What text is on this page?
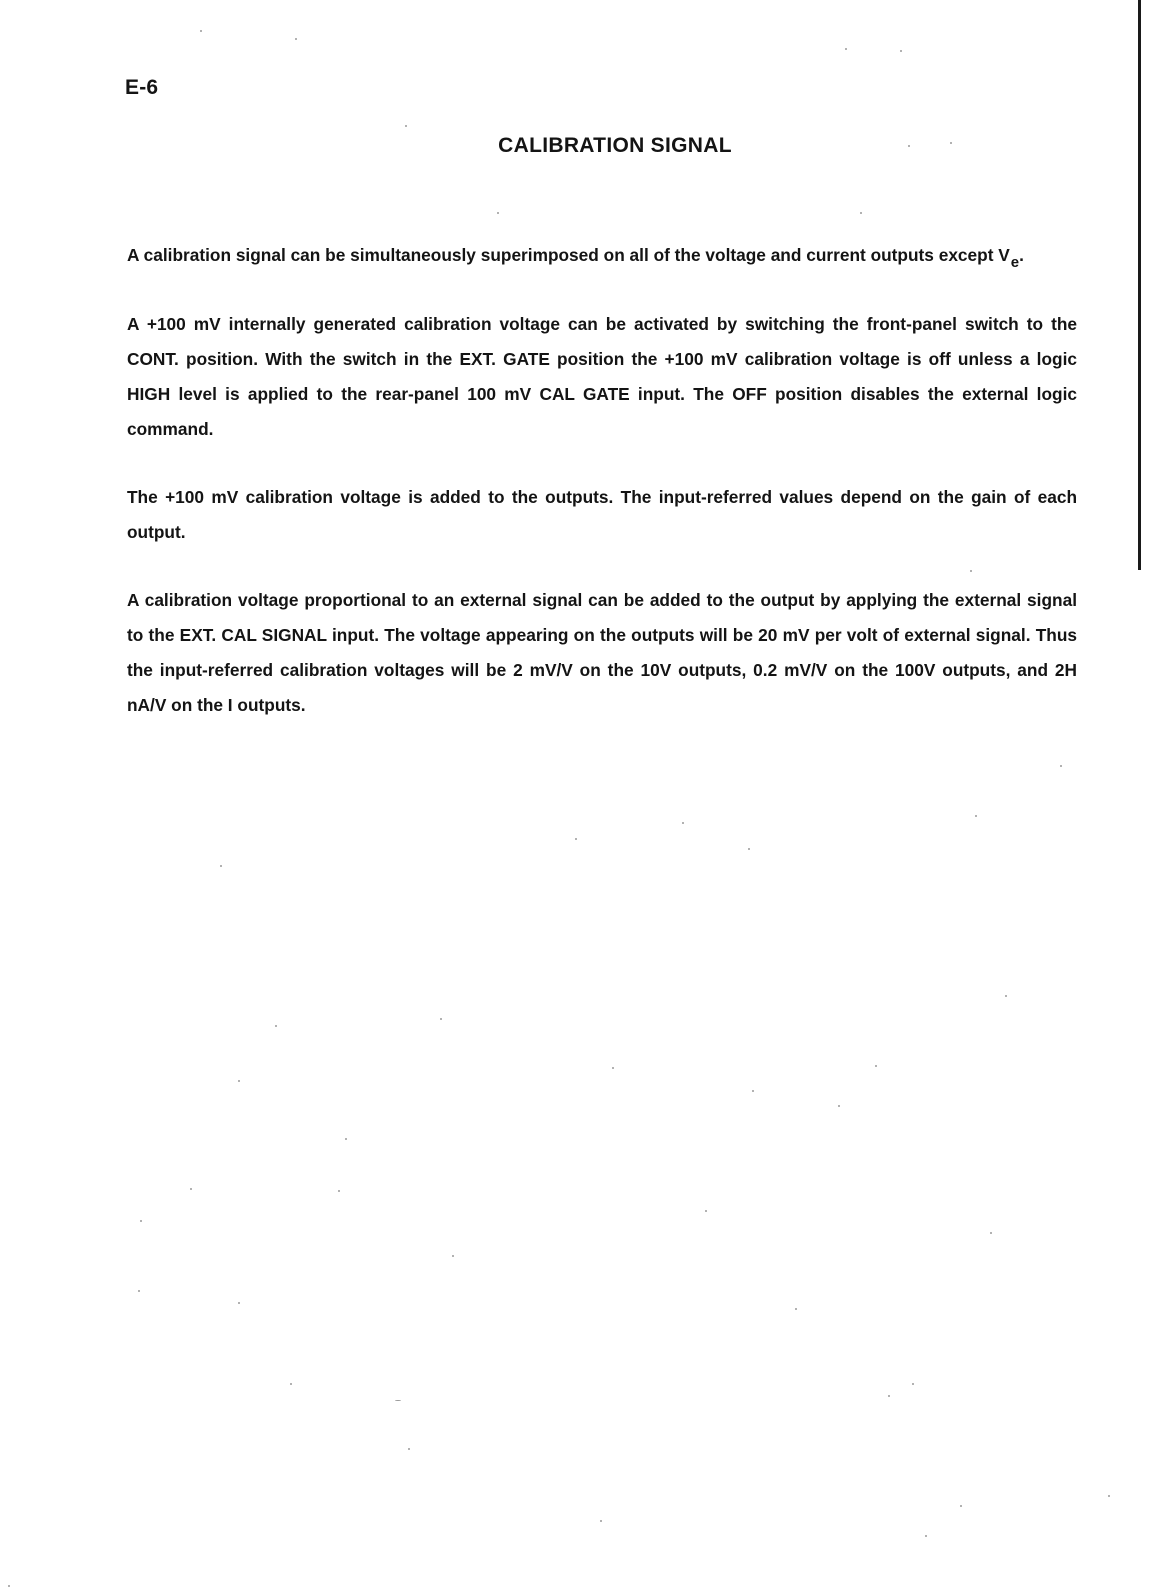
E-6
CALIBRATION SIGNAL

A calibration signal can be simultaneously superimposed on all of the voltage and current outputs except Ve.

A +100 mV internally generated calibration voltage can be activated by switching the front-panel switch to the CONT. position. With the switch in the EXT. GATE position the +100 mV calibration voltage is off unless a logic HIGH level is applied to the rear-panel 100 mV CAL GATE input. The OFF position disables the external logic command.

The +100 mV calibration voltage is added to the outputs. The input-referred values depend on the gain of each output.

A calibration voltage proportional to an external signal can be added to the output by applying the external signal to the EXT. CAL SIGNAL input. The voltage appearing on the outputs will be 20 mV per volt of external signal. Thus the input-referred calibration voltages will be 2 mV/V on the 10V outputs, 0.2 mV/V on the 100V outputs, and 2H nA/V on the I outputs.
